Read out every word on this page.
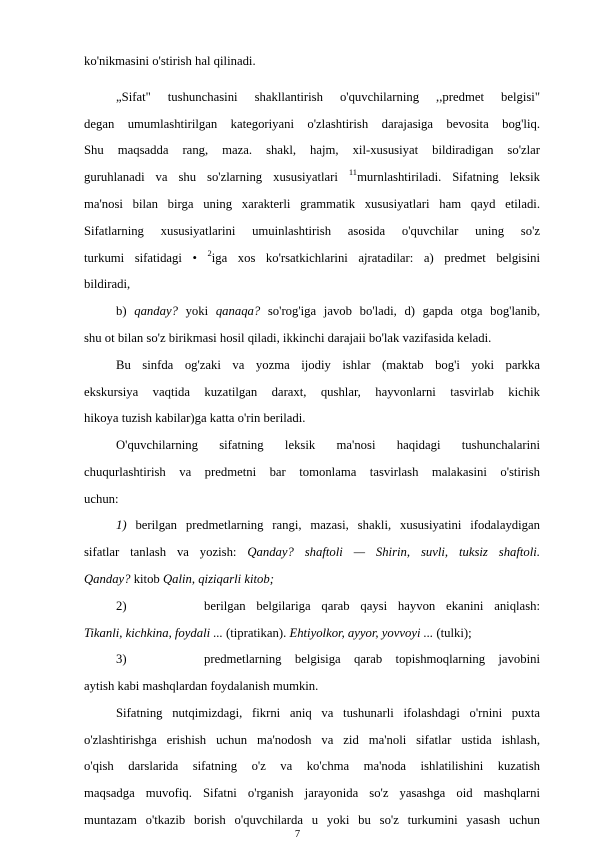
ko'nikmasini o'stirish hal qilinadi.
„Sifat" tushunchasini shakllantirish o'quvchilarning ,,predmet belgisi"
degan umumlashtirilgan kategoriyani o'zlashtirish darajasiga bevosita bog'liq.
Shu maqsadda rang, maza. shakl, hajm, xil-xususiyat bildiradigan so'zlar
guruhlanadi va shu so'zlarning xususiyatlari $^{11}$murnlashtiriladi. Sifatning leksik
ma'nosi bilan birga uning xarakterli grammatik xususiyatlari ham qayd etiladi.
Sifatlarning xususiyatlarini umuinlashtirish asosida o'quvchilar uning so'z
turkumi sifatidagi • $^2$iga xos ko'rsatkichlarini ajratadilar: a) predmet belgisini
bildiradi,
b) qanday? yoki qanaqa? so'rog'iga javob bo'ladi, d) gapda otga bog'lanib,
shu ot bilan so'z birikmasi hosil qiladi, ikkinchi darajaii bo'lak vazifasida keladi.
Bu sinfda og'zaki va yozma ijodiy ishlar (maktab bog'i yoki parkka
ekskursiya vaqtida kuzatilgan daraxt, qushlar, hayvonlarni tasvirlab kichik
hikoya tuzish kabilar)ga katta o'rin beriladi.
O'quvchilarning sifatning leksik ma'nosi haqidagi tushunchalarini
chuqurlashtirish va predmetni bar tomonlama tasvirlash malakasini o'stirish
uchun:
1) berilgan predmetlarning rangi, mazasi, shakli, xususiyatini ifodalaydigan
sifatlar tanlash va yozish: Qanday? shaftoli — Shirin, suvli, tuksiz shaftoli.
Qanday? kitob Qalin, qiziqarli kitob;
2)	berilgan belgilariga qarab qaysi hayvon ekanini aniqlash:
Tikanli, kichkina, foydali ... (tipratikan). Ehtiyolkor, ayyor, yovvoyi ... (tulki);
3)	predmetlarning belgisiga qarab topishmoqlarning javobini
aytish kabi mashqlardan foydalanish mumkin.
Sifatning nutqimizdagi, fikrni aniq va tushunarli ifolashdagi o'rnini puxta
o'zlashtirishga erishish uchun ma'nodosh va zid ma'noli sifatlar ustida ishlash,
o'qish darslarida sifatning o'z va ko'chma ma'noda ishlatilishini kuzatish
maqsadga muvofiq. Sifatni o'rganish jarayonida so'z yasashga oid mashqlarni
muntazam o'tkazib borish o'quvchilarda u yoki bu so'z turkumini yasash uchun
7
